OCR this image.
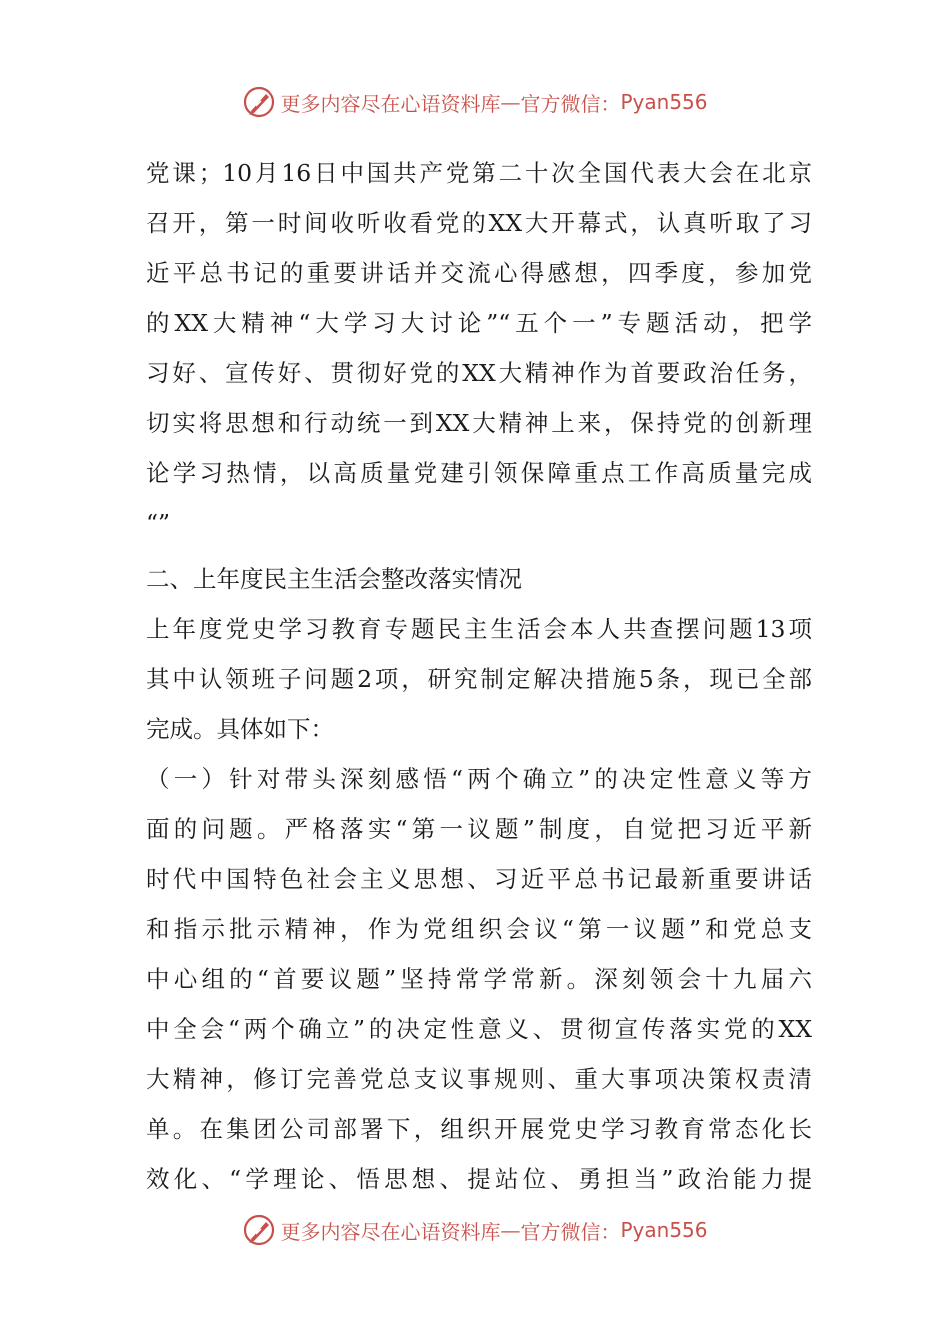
更多内容尽在心语资料库 — 官方微信： Pyan556
党课；10月16日中国共产党第二十次全国代表大会在北京
召开，第一时间收听收看党的XX大开幕式，认真听取了习
近平总书记的重要讲话并交流心得感想，四季度，参加党
的XX大精神“大学习大讨论”“五个一”专题活动，把学
习好、宣传好、贯彻好党的XX大精神作为首要政治任务，
切实将思想和行动统一到XX大精神上来，保持党的创新理
论学习热情，以高质量党建引领保障重点工作高质量完成
“”
二、上年度民主生活会整改落实情况
上年度党史学习教育专题民主生活会本人共查摆问题13项
其中认领班子问题2项，研究制定解决措施5条，现已全部
完成。具体如下：
（一）针对带头深刻感悟“两个确立”的决定性意义等方
面的问题。严格落实“第一议题”制度，自觉把习近平新
时代中国特色社会主义思想、习近平总书记最新重要讲话
和指示批示精神，作为党组织会议“第一议题”和党总支
中心组的“首要议题”坚持常学常新。深刻领会十九届六
中全会“两个确立”的决定性意义、贯彻宣传落实党的XX
大精神，修订完善党总支议事规则、重大事项决策权责清
单。在集团公司部署下，组织开展党史学习教育常态化长
效化、“学理论、悟思想、提站位、勇担当”政治能力提
更多内容尽在心语资料库 — 官方微信： Pyan556
